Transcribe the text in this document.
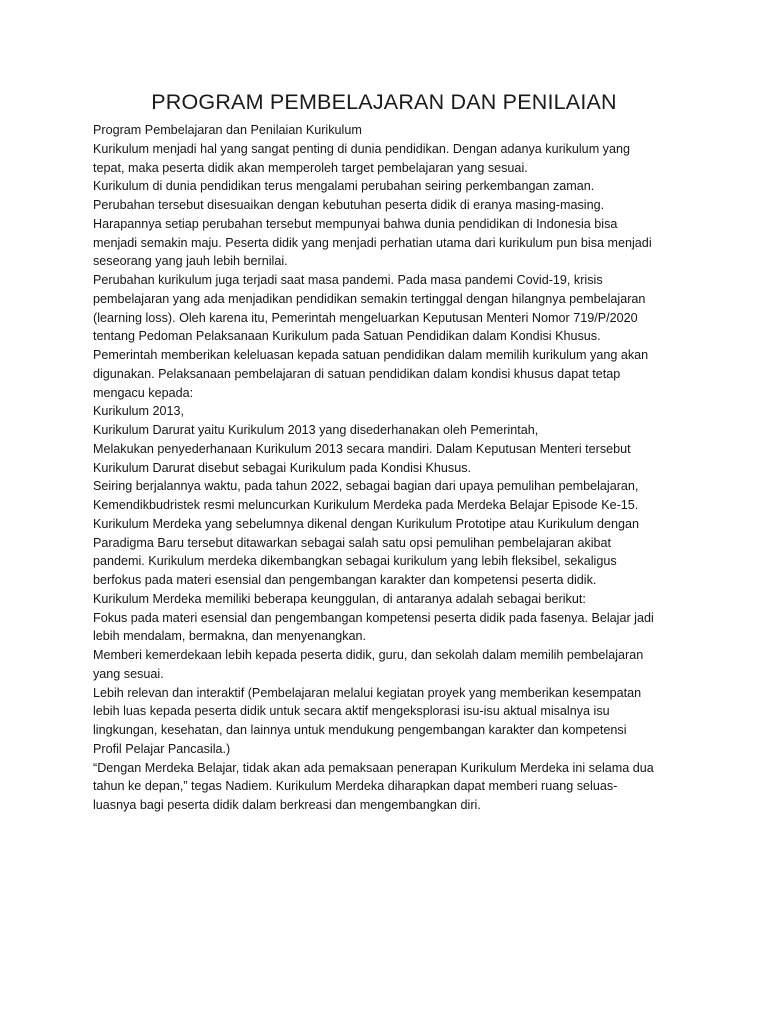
PROGRAM PEMBELAJARAN DAN PENILAIAN
Program Pembelajaran dan Penilaian Kurikulum
Kurikulum menjadi hal yang sangat penting di dunia pendidikan. Dengan adanya kurikulum yang
tepat, maka peserta didik akan memperoleh target pembelajaran yang sesuai.
Kurikulum di dunia pendidikan terus mengalami perubahan seiring perkembangan zaman.
Perubahan tersebut disesuaikan dengan kebutuhan peserta didik di eranya masing-masing.
Harapannya setiap perubahan tersebut mempunyai bahwa dunia pendidikan di Indonesia bisa
menjadi semakin maju. Peserta didik yang menjadi perhatian utama dari kurikulum pun bisa menjadi
seseorang yang jauh lebih bernilai.
Perubahan kurikulum juga terjadi saat masa pandemi. Pada masa pandemi Covid-19, krisis
pembelajaran yang ada menjadikan pendidikan semakin tertinggal dengan hilangnya pembelajaran
(learning loss). Oleh karena itu, Pemerintah mengeluarkan Keputusan Menteri Nomor 719/P/2020
tentang Pedoman Pelaksanaan Kurikulum pada Satuan Pendidikan dalam Kondisi Khusus.
Pemerintah memberikan keleluasan kepada satuan pendidikan dalam memilih kurikulum yang akan
digunakan. Pelaksanaan pembelajaran di satuan pendidikan dalam kondisi khusus dapat tetap
mengacu kepada:
Kurikulum 2013,
Kurikulum Darurat yaitu Kurikulum 2013 yang disederhanakan oleh Pemerintah,
Melakukan penyederhanaan Kurikulum 2013 secara mandiri. Dalam Keputusan Menteri tersebut
Kurikulum Darurat disebut sebagai Kurikulum pada Kondisi Khusus.
Seiring berjalannya waktu, pada tahun 2022, sebagai bagian dari upaya pemulihan pembelajaran,
Kemendikbudristek resmi meluncurkan Kurikulum Merdeka pada Merdeka Belajar Episode Ke-15.
Kurikulum Merdeka yang sebelumnya dikenal dengan Kurikulum Prototipe atau Kurikulum dengan
Paradigma Baru tersebut ditawarkan sebagai salah satu opsi pemulihan pembelajaran akibat
pandemi. Kurikulum merdeka dikembangkan sebagai kurikulum yang lebih fleksibel, sekaligus
berfokus pada materi esensial dan pengembangan karakter dan kompetensi peserta didik.
Kurikulum Merdeka memiliki beberapa keunggulan, di antaranya adalah sebagai berikut:
Fokus pada materi esensial dan pengembangan kompetensi peserta didik pada fasenya. Belajar jadi
lebih mendalam, bermakna, dan menyenangkan.
Memberi kemerdekaan lebih kepada peserta didik, guru, dan sekolah dalam memilih pembelajaran
yang sesuai.
Lebih relevan dan interaktif (Pembelajaran melalui kegiatan proyek yang memberikan kesempatan
lebih luas kepada peserta didik untuk secara aktif mengeksplorasi isu-isu aktual misalnya isu
lingkungan, kesehatan, dan lainnya untuk mendukung pengembangan karakter dan kompetensi
Profil Pelajar Pancasila.)
“Dengan Merdeka Belajar, tidak akan ada pemaksaan penerapan Kurikulum Merdeka ini selama dua
tahun ke depan,” tegas Nadiem. Kurikulum Merdeka diharapkan dapat memberi ruang seluas-
luasnya bagi peserta didik dalam berkreasi dan mengembangkan diri.
